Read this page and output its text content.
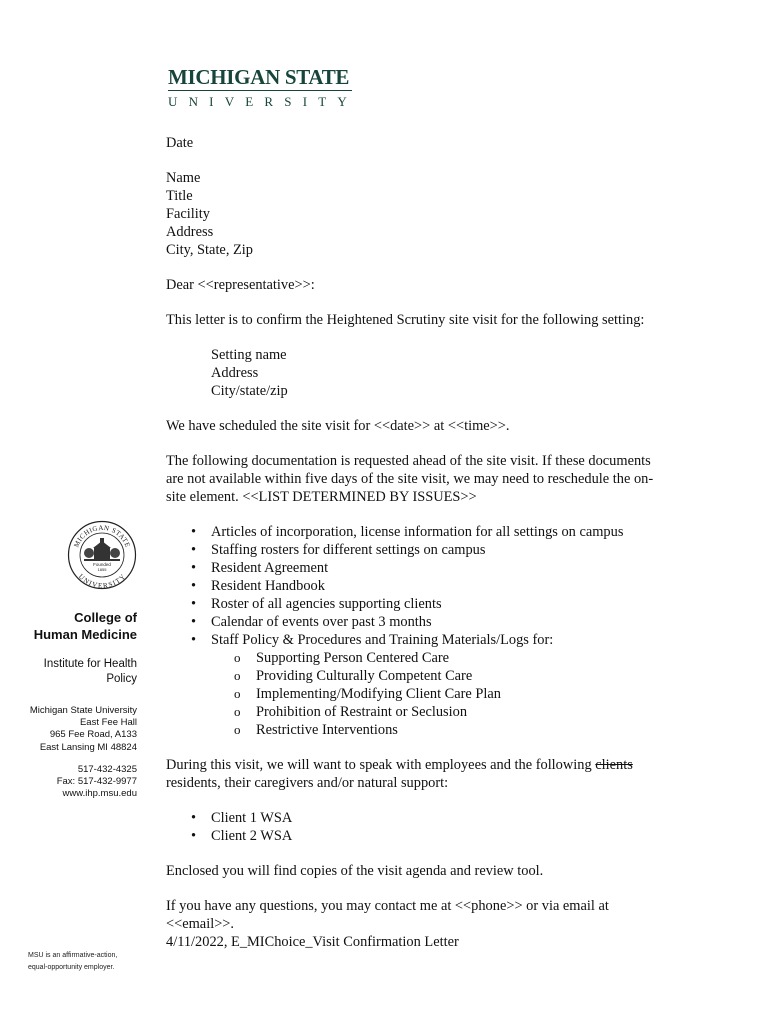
MICHIGAN STATE
UNIVERSITY
MICHIGAN STATE
UNIVERSITY
Founded
1855
College of
Human Medicine
Institute for Health
Policy
Michigan State University
East Fee Hall
965 Fee Road, A133
East Lansing MI 48824
517-432-4325
Fax: 517-432-9977
www.ihp.msu.edu
MSU is an affirmative-action,
equal-opportunity employer.

Date

Name

Title

Facility

Address

City, State, Zip

Dear <<representative>>:

This letter is to confirm the Heightened Scrutiny site visit for the following setting:

Setting name

Address

City/state/zip

We have scheduled the site visit for <<date>> at <<time>>.

The following documentation is requested ahead of the site visit. If these documents

are not available within five days of the site visit, we may need to reschedule the on-

site element. <<LIST DETERMINED BY ISSUES>>

• Articles of incorporation, license information for all settings on campus
• Staffing rosters for different settings on campus
• Resident Agreement
• Resident Handbook
• Roster of all agencies supporting clients
• Calendar of events over past 3 months
• Staff Policy & Procedures and Training Materials/Logs for:
o Supporting Person Centered Care
o Providing Culturally Competent Care
o Implementing/Modifying Client Care Plan
o Prohibition of Restraint or Seclusion
o Restrictive Interventions

During this visit, we will want to speak with employees and the following clients

residents, their caregivers and/or natural support:

• Client 1 WSA
• Client 2 WSA

Enclosed you will find copies of the visit agenda and review tool.

If you have any questions, you may contact me at <<phone>> or via email at

<<email>>.

4/11/2022, E_MIChoice_Visit Confirmation Letter
